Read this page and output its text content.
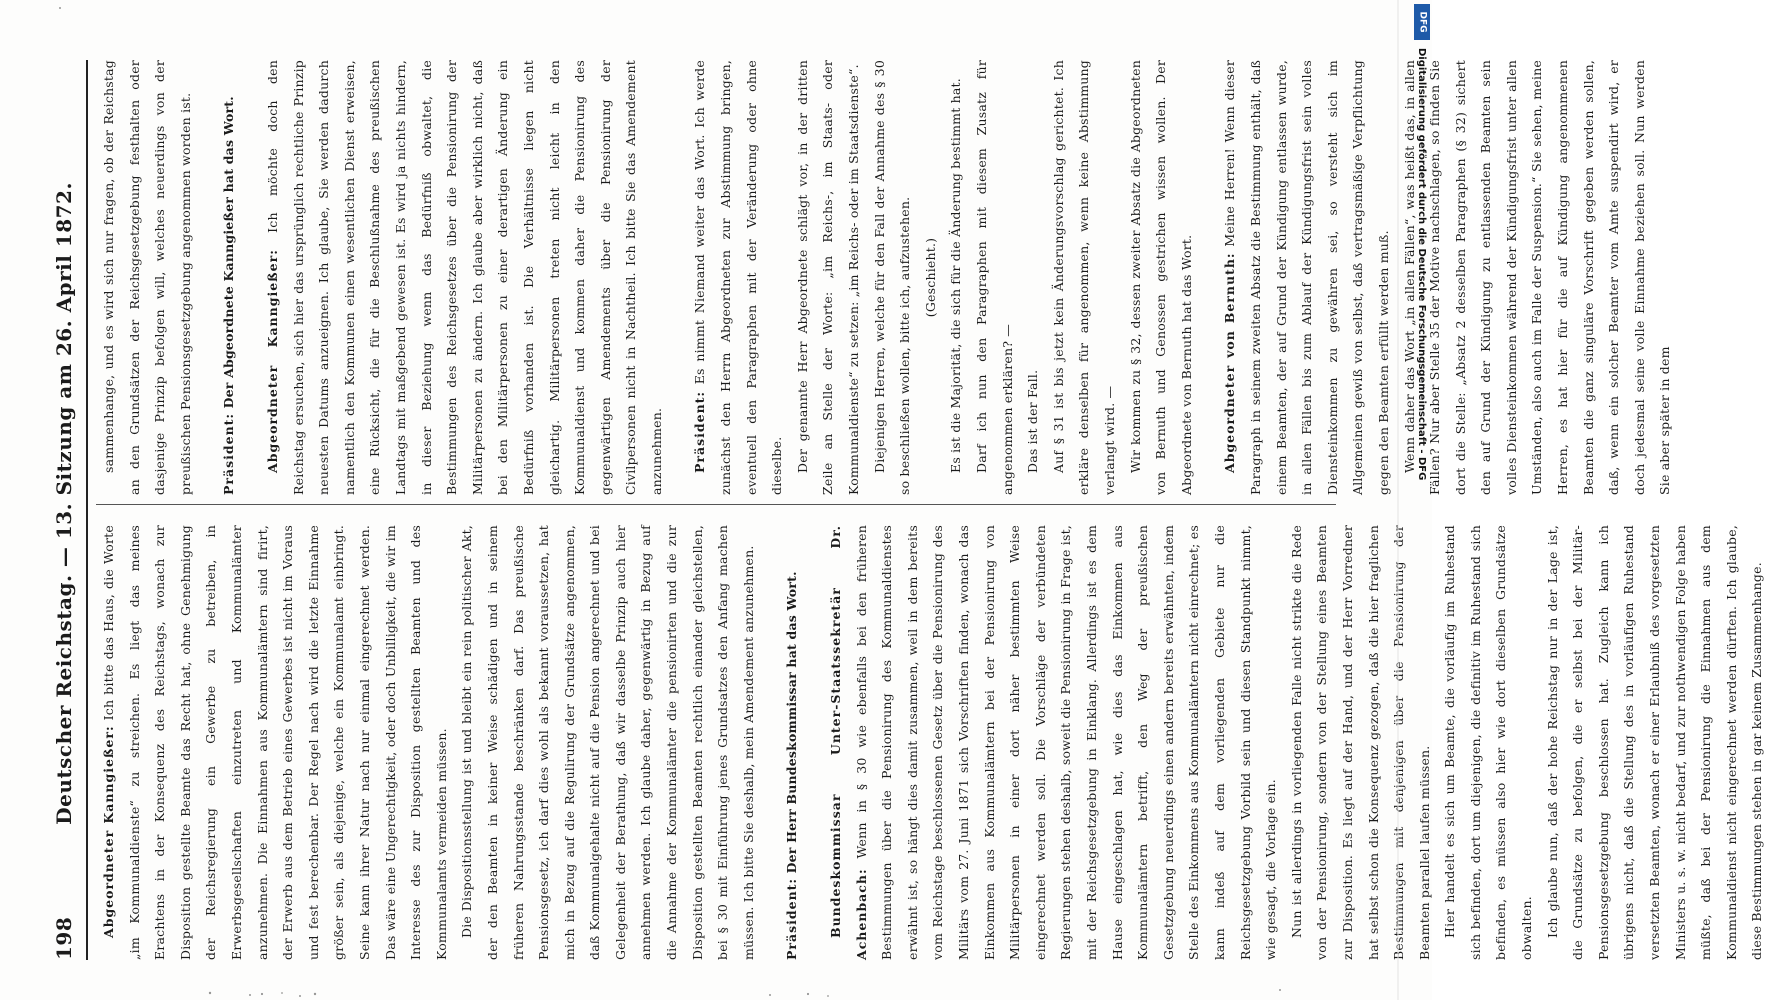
198
Deutscher Reichstag. — 13. Sitzung am 26. April 1872.

Abgeordneter Kanngießer: Ich bitte das Haus, die Worte „im Kommunaldienste“ zu streichen. Es liegt das meines Erachtens in der Konsequenz des Reichstags, wonach zur Disposition gestellte Beamte das Recht hat, ohne Genehmigung der Reichsregierung ein Gewerbe zu betreiben, in Erwerbsgesellschaften einzutreten und Kommunalämter anzunehmen. Die Einnahmen aus Kommunalämtern sind firirt, der Erwerb aus dem Betrieb eines Gewerbes ist nicht im Voraus und fest berechenbar. Der Regel nach wird die letzte Einnahme größer sein, als diejenige, welche ein Kommunalamt einbringt. Seine kann ihrer Natur nach nur einmal eingerechnet werden. Das wäre eine Ungerechtigkeit, oder doch Unbilligkeit, die wir im Interesse des zur Disposition gestellten Beamten und des Kommunalamts vermeiden müssen. Die Dispositionsstellung ist und bleibt ein rein politischer Akt, der den Beamten in keiner Weise schädigen und in seinem früheren Nahrungsstande beschränken darf. Das preußische Pensionsgesetz, ich darf dies wohl als bekannt voraussetzen, hat mich in Bezug auf die Regulirung der Grundsätze angenommen, daß Kommunalgehalte nicht auf die Pension angerechnet und bei Gelegenheit der Berathung, daß wir dasselbe Prinzip auch hier annehmen werden. Ich glaube daher, gegenwärtig in Bezug auf die Annahme der Kommunalämter die pensionirten und die zur Disposition gestellten Beamten rechtlich einander gleichstellen, bei § 30 mit Einführung jenes Grundsatzes den Anfang machen müssen. Ich bitte Sie deshalb, mein Amendement anzunehmen.	Präsident: Der Herr Bundeskommissar hat das Wort.	Bundeskommissar Unter-Staatssekretär Dr. Achenbach: Wenn in § 30 wie ebenfalls bei den früheren Bestimmungen über die Pensionirung des Kommunaldienstes erwähnt ist, so hängt dies damit zusammen, weil in dem bereits vom Reichstage beschlossenen Gesetz über die Pensionirung des Militärs vom 27. Juni 1871 sich Vorschriften finden, wonach das Einkommen aus Kommunalämtern bei der Pensionirung von Militärpersonen in einer dort näher bestimmten Weise eingerechnet werden soll. Die Vorschläge der verbündeten Regierungen stehen deshalb, soweit die Pensionirung in Frage ist, mit der Reichsgesetzgebung in Einklang. Allerdings ist es dem Hause eingeschlagen hat, wie dies das Einkommen aus Kommunalämtern betrifft, den Weg der preußischen Gesetzgebung neuerdings einen andern bereits erwähnten, indem Stelle des Einkommens aus Kommunalämtern nicht einrechnet; es kann indeß auf dem vorliegenden Gebiete nur die Reichsgesetzgebung Vorbild sein und diesen Standpunkt nimmt, wie gesagt, die Vorlage ein. Nun ist allerdings in vorliegenden Falle nicht strikte die Rede von der Pensionirung, sondern von der Stellung eines Beamten zur Disposition. Es liegt auf der Hand, und der Herr Vorredner hat selbst schon die Konsequenz gezogen, daß die hier fraglichen Bestimmungen mit denjenigen über die Pensionirung der Beamten parallel laufen müssen. Hier handelt es sich um Beamte, die vorläufig im Ruhestand sich befinden, dort um diejenigen, die definitiv im Ruhestand sich befinden, es müssen also hier wie dort dieselben Grundsätze obwalten. Ich glaube nun, daß der hohe Reichstag nur in der Lage ist, die Grundsätze zu befolgen, die er selbst bei der Militär-Pensionsgesetzgebung beschlossen hat. Zugleich kann ich übrigens nicht, daß die Stellung des in vorläufigen Ruhestand versetzten Beamten, wonach er einer Erlaubniß des vorgesetzten Ministers u. s. w. nicht bedarf, und zur nothwendigen Folge haben müßte, daß bei der Pensionirung die Einnahmen aus dem Kommunaldienst nicht eingerechnet werden dürften. Ich glaube, diese Bestimmungen stehen in gar keinem Zusammenhange.

sammenhange, und es wird sich nur fragen, ob der Reichstag an den Grundsätzen der Reichsgesetzgebung festhalten oder dasjenige Prinzip befolgen will, welches neuerdings von der preußischen Pensionsgesetzgebung angenommen worden ist.	Präsident: Der Abgeordnete Kanngießer hat das Wort.	Abgeordneter Kanngießer: Ich möchte doch den Reichstag ersuchen, sich hier das ursprünglich rechtliche Prinzip neuesten Datums anzueignen. Ich glaube, Sie werden dadurch namentlich den Kommunen einen wesentlichen Dienst erweisen, eine Rücksicht, die für die Beschlußnahme des preußischen Landtags mit maßgebend gewesen ist. Es wird ja nichts hindern, in dieser Beziehung wenn das Bedürfniß obwaltet, die Bestimmungen des Reichsgesetzes über die Pensionirung der Militärpersonen zu ändern. Ich glaube aber wirklich nicht, daß bei den Militärpersonen zu einer derartigen Änderung ein Bedürfniß vorhanden ist. Die Verhältnisse liegen nicht gleichartig. Militärpersonen treten nicht leicht in den Kommunaldienst und kommen daher die Pensionirung des gegenwärtigen Amendements über die Pensionirung der Civilpersonen nicht in Nachtheil. Ich bitte Sie das Amendement anzunehmen.	Präsident: Es nimmt Niemand weiter das Wort. Ich werde zunächst den Herrn Abgeordneten zur Abstimmung bringen, eventuell den Paragraphen mit der Veränderung oder ohne dieselbe. Der genannte Herr Abgeordnete schlägt vor, in der dritten Zeile an Stelle der Worte: „im Reichs-, im Staats- oder Kommunaldienste“ zu setzen: „im Reichs- oder im Staatsdienste“. Diejenigen Herren, welche für den Fall der Annahme des § 30 so beschließen wollen, bitte ich, aufzustehen. (Geschieht.) Es ist die Majorität, die sich für die Änderung bestimmt hat. Darf ich nun den Paragraphen mit diesem Zusatz für angenommen erklären? — Das ist der Fall. Auf § 31 ist bis jetzt kein Änderungsvorschlag gerichtet. Ich erkläre denselben für angenommen, wenn keine Abstimmung verlangt wird. — Wir kommen zu § 32, dessen zweiter Absatz die Abgeordneten von Bernuth und Genossen gestrichen wissen wollen. Der Abgeordnete von Bernuth hat das Wort.	Abgeordneter von Bernuth: Meine Herren! Wenn dieser Paragraph in seinem zweiten Absatz die Bestimmung enthält, daß einem Beamten, der auf Grund der Kündigung entlassen wurde, in allen Fällen bis zum Ablauf der Kündigungsfrist sein volles Diensteinkommen zu gewähren sei, so versteht sich im Allgemeinen gewiß von selbst, daß vertragsmäßige Verpflichtung gegen den Beamten erfüllt werden muß. Wenn daher das Wort „in allen Fällen“, was heißt das, in allen Fällen? Nur aber Stelle 35 der Motive nachschlagen, so finden Sie dort die Stelle: „Absatz 2 desselben Paragraphen (§ 32) sichert den auf Grund der Kündigung zu entlassenden Beamten sein volles Diensteinkommen während der Kündigungsfrist unter allen Umständen, also auch im Falle der Suspension.“ Sie sehen, meine Herren, es hat hier für die auf Kündigung angenommenen Beamten die ganz singuläre Vorschrift gegeben werden sollen, daß, wenn ein solcher Beamter vom Amte suspendirt wird, er doch jedesmal seine volle Einnahme beziehen soll. Nun werden Sie aber später in dem

DFG
Digitalisierung gefördert durch die Deutsche Forschungsgemeinschaft - DFG
